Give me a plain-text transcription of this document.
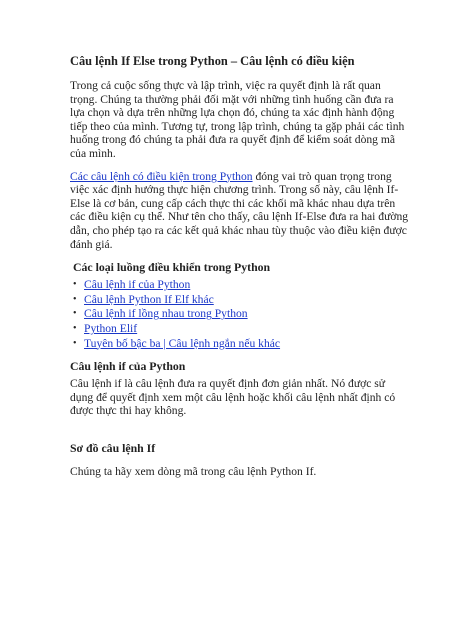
Câu lệnh If Else trong Python – Câu lệnh có điều kiện

Trong cả cuộc sống thực và lập trình, việc ra quyết định là rất quan trọng. Chúng ta thường phải đối mặt với những tình huống cần đưa ra lựa chọn và dựa trên những lựa chọn đó, chúng ta xác định hành động tiếp theo của mình. Tương tự, trong lập trình, chúng ta gặp phải các tình huống trong đó chúng ta phải đưa ra quyết định để kiểm soát dòng mã của mình.

Các câu lệnh có điều kiện trong Python đóng vai trò quan trọng trong việc xác định hướng thực hiện chương trình. Trong số này, câu lệnh If-Else là cơ bản, cung cấp cách thực thi các khối mã khác nhau dựa trên các điều kiện cụ thể. Như tên cho thấy, câu lệnh If-Else đưa ra hai đường dẫn, cho phép tạo ra các kết quả khác nhau tùy thuộc vào điều kiện được đánh giá.

Các loại luồng điều khiển trong Python
• Câu lệnh if của Python
• Câu lệnh Python If Elf khác
• Câu lệnh if lồng nhau trong Python
• Python Elif
• Tuyên bố bậc ba | Câu lệnh ngắn nếu khác
Câu lệnh if của Python

Câu lệnh if là câu lệnh đưa ra quyết định đơn giản nhất. Nó được sử dụng để quyết định xem một câu lệnh hoặc khối câu lệnh nhất định có được thực thi hay không.

Sơ đồ câu lệnh If

Chúng ta hãy xem dòng mã trong câu lệnh Python If.
